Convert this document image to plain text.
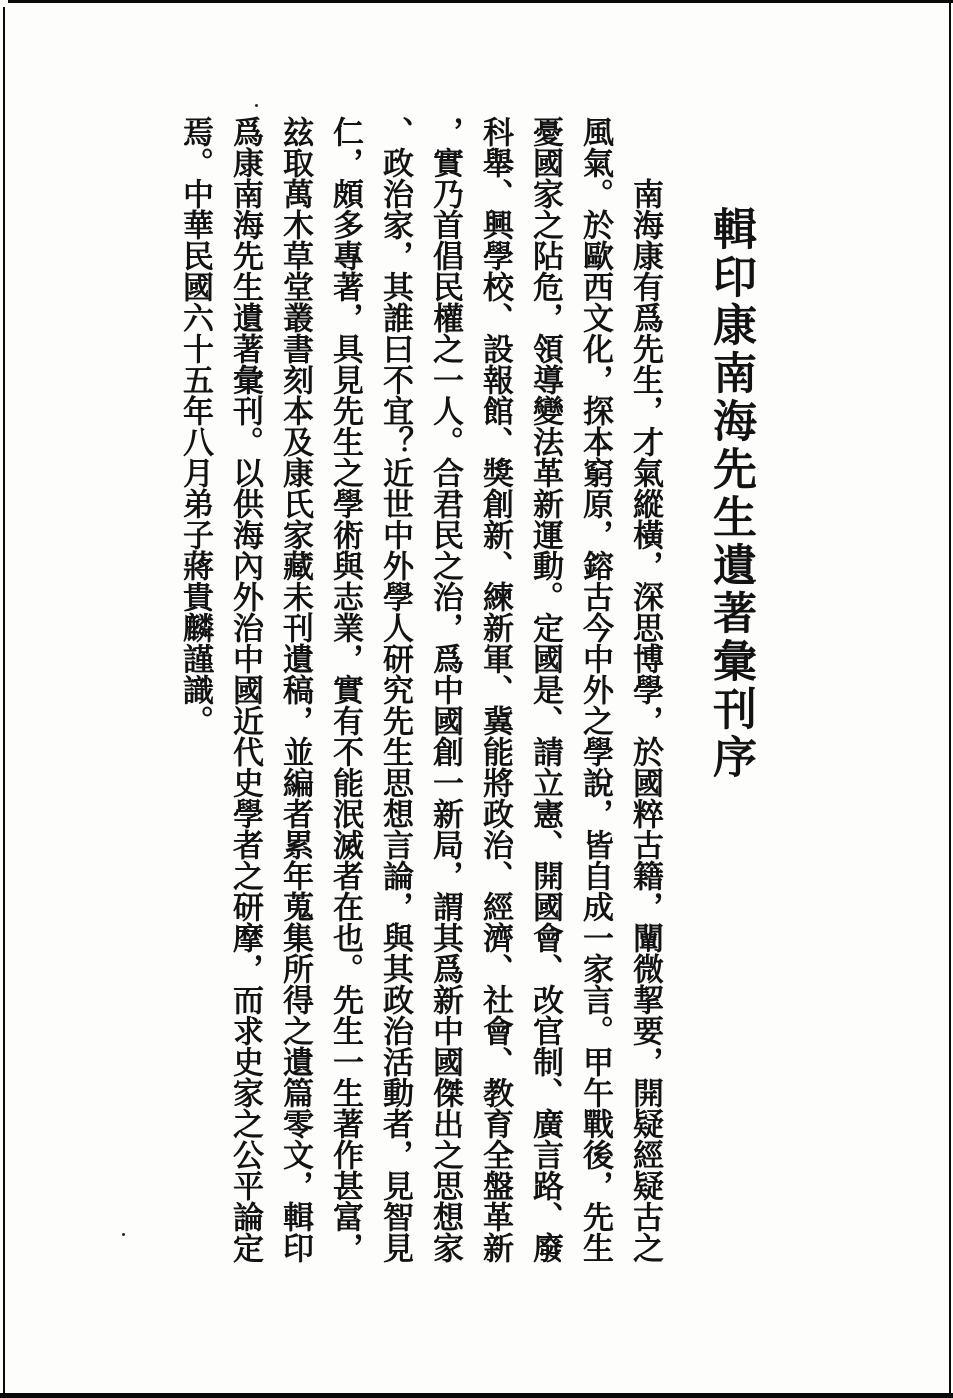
輯印康南海先生遺著彙刊序
南海康有爲先生，才氣縱橫，深思博學，於國粹古籍，闡微挈要，開疑經疑古之
風氣。於歐西文化，探本窮原，鎔古今中外之學說，皆自成一家言。甲午戰後，先生
憂國家之阽危，領導變法革新運動。定國是、請立憲、開國會、改官制、廣言路、廢
科舉、興學校、設報館、獎創新、練新軍、冀能將政治、經濟、社會、教育全盤革新
，實乃首倡民權之一人。合君民之治，爲中國創一新局，謂其爲新中國傑出之思想家
、政治家，其誰曰不宜？近世中外學人研究先生思想言論，與其政治活動者，見智見
仁，頗多專著，具見先生之學術與志業，實有不能泯滅者在也。先生一生著作甚富，
玆取萬木草堂叢書刻本及康氏家藏未刊遺稿，並編者累年蒐集所得之遺篇零文，輯印
爲康南海先生遺著彙刊。以供海內外治中國近代史學者之研摩，而求史家之公平論定
焉。中華民國六十五年八月弟子蔣貴麟謹識。
